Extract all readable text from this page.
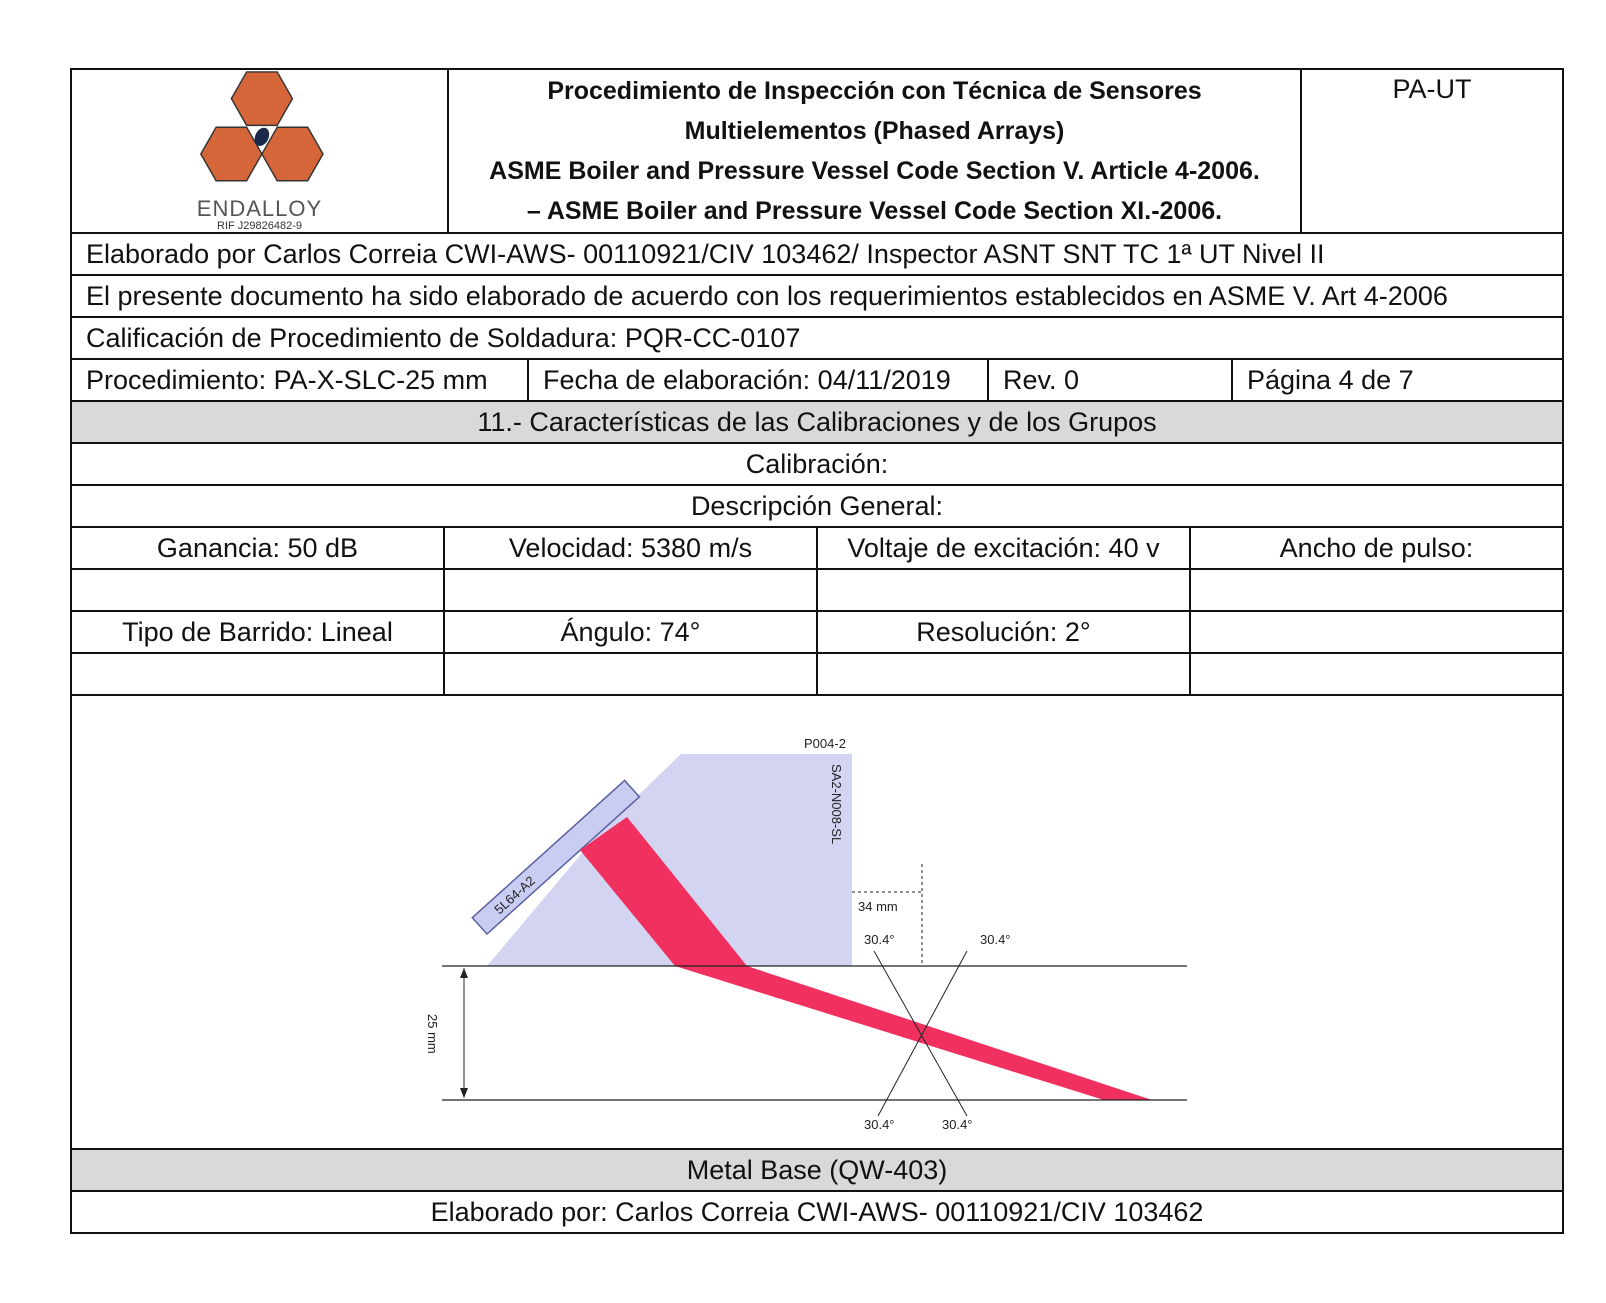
ENDALLOY
RIF J29826482-9
Procedimiento de Inspección con Técnica de Sensores
Multielementos (Phased Arrays)
ASME Boiler and Pressure Vessel Code Section V. Article 4-2006.
– ASME Boiler and Pressure Vessel Code Section XI.-2006.
PA-UT
Elaborado por Carlos Correia CWI-AWS- 00110921/CIV 103462/ Inspector ASNT SNT TC 1ª UT Nivel II
El presente documento ha sido elaborado de acuerdo con los requerimientos establecidos en ASME V. Art 4-2006
Calificación de Procedimiento de Soldadura: PQR-CC-0107
Procedimiento: PA-X-SLC-25 mm	Fecha de elaboración: 04/11/2019	Rev. 0	Página 4 de 7
11.- Características de las Calibraciones y de los Grupos
Calibración:
Descripción General:
Ganancia: 50 dB	Velocidad: 5380 m/s	Voltaje de excitación: 40 v	Ancho de pulso:
Tipo de Barrido: Lineal	Ángulo: 74°	Resolución: 2°
5L64-A2
25 mm
34 mm
30.4°	30.4°
30.4°	30.4°
P004-2
SA2-N008-SL
Metal Base (QW-403)
Elaborado por: Carlos Correia CWI-AWS- 00110921/CIV 103462
